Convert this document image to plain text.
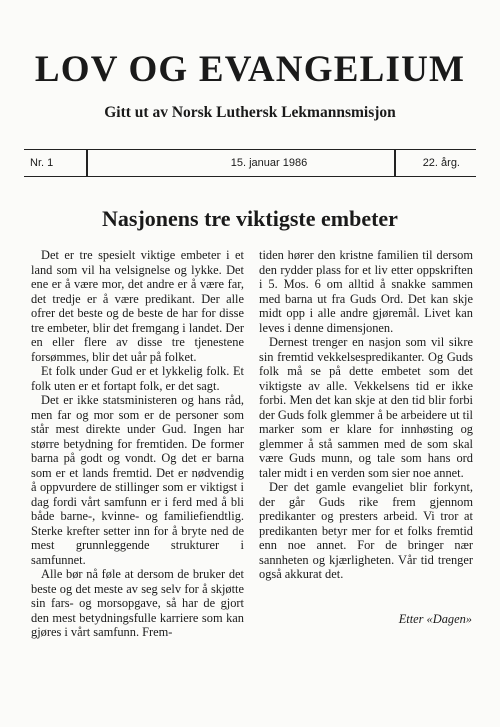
LOV OG EVANGELIUM
Gitt ut av Norsk Luthersk Lekmannsmisjon
Nr. 1	15. januar 1986	22. årg.
Nasjonens tre viktigste embeter

Det er tre spesielt viktige embeter i et land som vil ha velsignelse og lykke. Det ene er å være mor, det andre er å være far, det tredje er å være predikant. Der alle ofrer det beste og de beste de har for disse tre embeter, blir det fremgang i landet. Der en eller flere av disse tre tjenestene forsømmes, blir det uår på folket.

Et folk under Gud er et lykkelig folk. Et folk uten er et fortapt folk, er det sagt.

Det er ikke statsministeren og hans råd, men far og mor som er de personer som står mest direkte under Gud. Ingen har større betydning for fremtiden. De former barna på godt og vondt. Og det er barna som er et lands fremtid. Det er nødvendig å oppvurdere de stillinger som er viktigst i dag fordi vårt samfunn er i ferd med å bli både barne-, kvinne- og familiefiendtlig. Sterke krefter setter inn for å bryte ned de mest grunnleggende strukturer i samfunnet.

Alle bør nå føle at dersom de bruker det beste og det meste av seg selv for å skjøtte sin fars- og morsopgave, så har de gjort den mest betydningsfulle karriere som kan gjøres i vårt samfunn. Frem-

tiden hører den kristne familien til dersom den rydder plass for et liv etter oppskriften i 5. Mos. 6 om alltid å snakke sammen med barna ut fra Guds Ord. Det kan skje midt opp i alle andre gjøremål. Livet kan leves i denne dimensjonen.

Dernest trenger en nasjon som vil sikre sin fremtid vekkelsespredikanter. Og Guds folk må se på dette embetet som det viktigste av alle. Vekkelsens tid er ikke forbi. Men det kan skje at den tid blir forbi der Guds folk glemmer å be arbeidere ut til marker som er klare for innhøsting og glemmer å stå sammen med de som skal være Guds munn, og tale som hans ord taler midt i en verden som sier noe annet.

Der det gamle evangeliet blir forkynt, der går Guds rike frem gjennom predikanter og presters arbeid. Vi tror at predikanten betyr mer for et folks fremtid enn noe annet. For de bringer nær sannheten og kjærligheten. Vår tid trenger også akkurat det.

Etter «Dagen»
